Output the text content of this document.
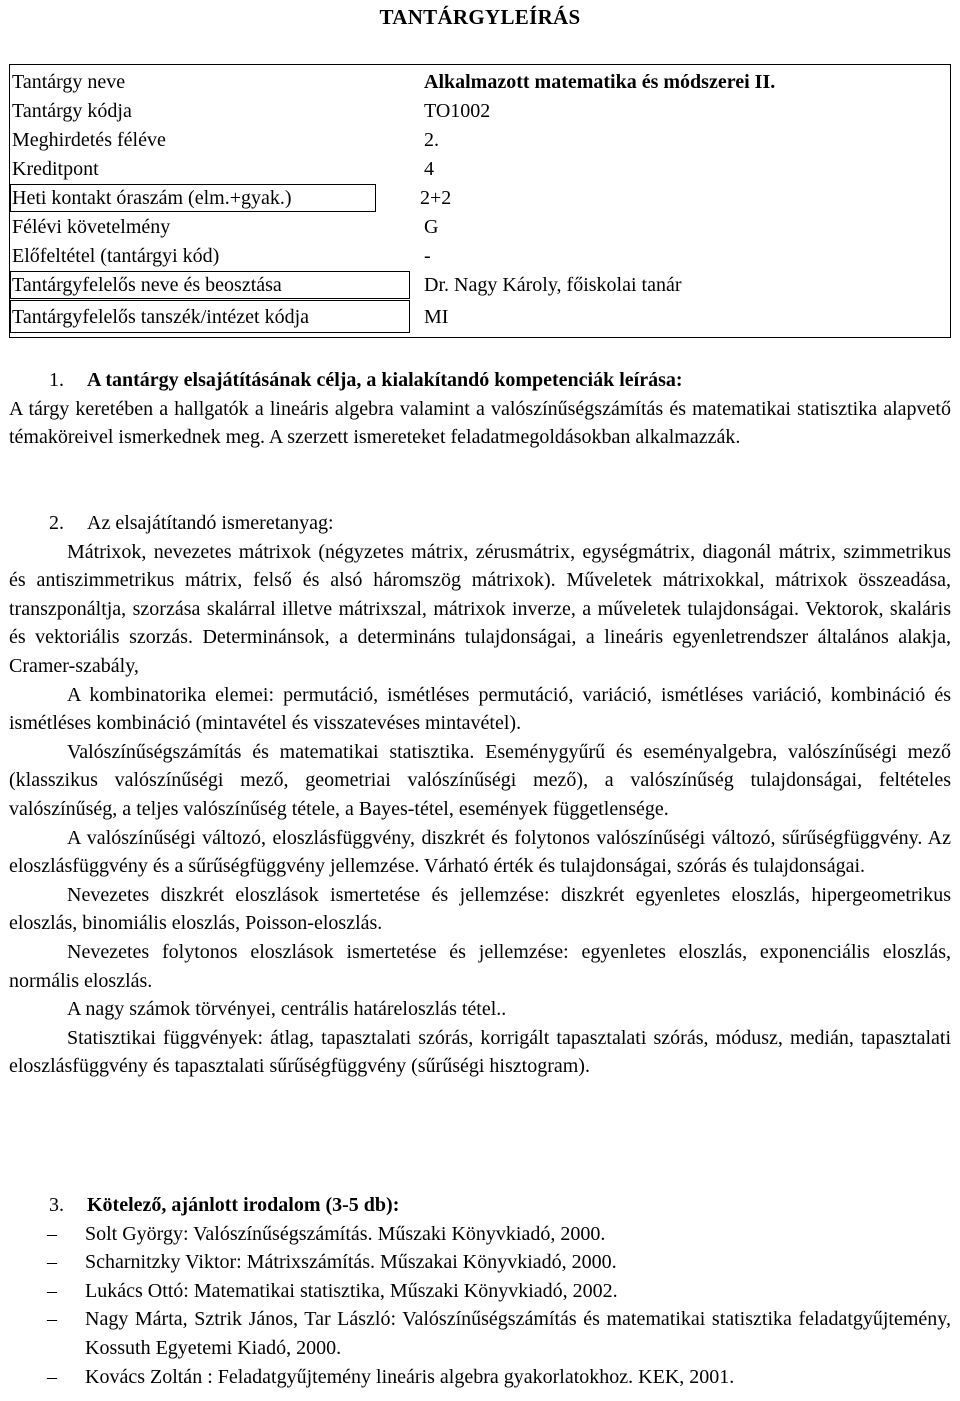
TANTÁRGYLEÍRÁS
Tantárgy neve	Alkalmazott matematika és módszerei II.
Tantárgy kódja	TO1002
Meghirdetés féléve	2.
Kreditpont	4
Heti kontakt óraszám (elm.+gyak.)	2+2
Félévi követelmény	G
Előfeltétel (tantárgyi kód)	-
Tantárgyfelelős neve és beosztása	Dr. Nagy Károly, főiskolai tanár
Tantárgyfelelős tanszék/intézet kódja	MI
1. A tantárgy elsajátításának célja, a kialakítandó kompetenciák leírása:

A tárgy keretében a hallgatók a lineáris algebra valamint a valószínűségszámítás és matematikai statisztika alapvető témaköreivel ismerkednek meg. A szerzett ismereteket feladatmegoldásokban alkalmazzák.

2. Az elsajátítandó ismeretanyag:

Mátrixok, nevezetes mátrixok (négyzetes mátrix, zérusmátrix, egységmátrix, diagonál mátrix, szimmetrikus és antiszimmetrikus mátrix, felső és alsó háromszög mátrixok). Műveletek mátrixokkal, mátrixok összeadása, transzponáltja, szorzása skalárral illetve mátrixszal, mátrixok inverze, a műveletek tulajdonságai. Vektorok, skaláris és vektoriális szorzás. Determinánsok, a determináns tulajdonságai, a lineáris egyenletrendszer általános alakja, Cramer-szabály,

A kombinatorika elemei: permutáció, ismétléses permutáció, variáció, ismétléses variáció, kombináció és ismétléses kombináció (mintavétel és visszatevéses mintavétel).

Valószínűségszámítás és matematikai statisztika. Eseménygyűrű és eseményalgebra, valószínűségi mező (klasszikus valószínűségi mező, geometriai valószínűségi mező), a valószínűség tulajdonságai, feltételes valószínűség, a teljes valószínűség tétele, a Bayes-tétel, események függetlensége.

A valószínűségi változó, eloszlásfüggvény, diszkrét és folytonos valószínűségi változó, sűrűségfüggvény. Az eloszlásfüggvény és a sűrűségfüggvény jellemzése. Várható érték és tulajdonságai, szórás és tulajdonságai.

Nevezetes diszkrét eloszlások ismertetése és jellemzése: diszkrét egyenletes eloszlás, hipergeometrikus eloszlás, binomiális eloszlás, Poisson-eloszlás.

Nevezetes folytonos eloszlások ismertetése és jellemzése: egyenletes eloszlás, exponenciális eloszlás, normális eloszlás.

A nagy számok törvényei, centrális határeloszlás tétel..

Statisztikai függvények: átlag, tapasztalati szórás, korrigált tapasztalati szórás, módusz, medián, tapasztalati eloszlásfüggvény és tapasztalati sűrűségfüggvény (sűrűségi hisztogram).

3. Kötelező, ajánlott irodalom (3-5 db):
– Solt György: Valószínűségszámítás. Műszaki Könyvkiadó, 2000.
– Scharnitzky Viktor: Mátrixszámítás. Műszakai Könyvkiadó, 2000.
– Lukács Ottó: Matematikai statisztika, Műszaki Könyvkiadó, 2002.
– Nagy Márta, Sztrik János, Tar László: Valószínűségszámítás és matematikai statisztika feladatgyűjtemény, Kossuth Egyetemi Kiadó, 2000.
– Kovács Zoltán : Feladatgyűjtemény lineáris algebra gyakorlatokhoz. KEK, 2001.
